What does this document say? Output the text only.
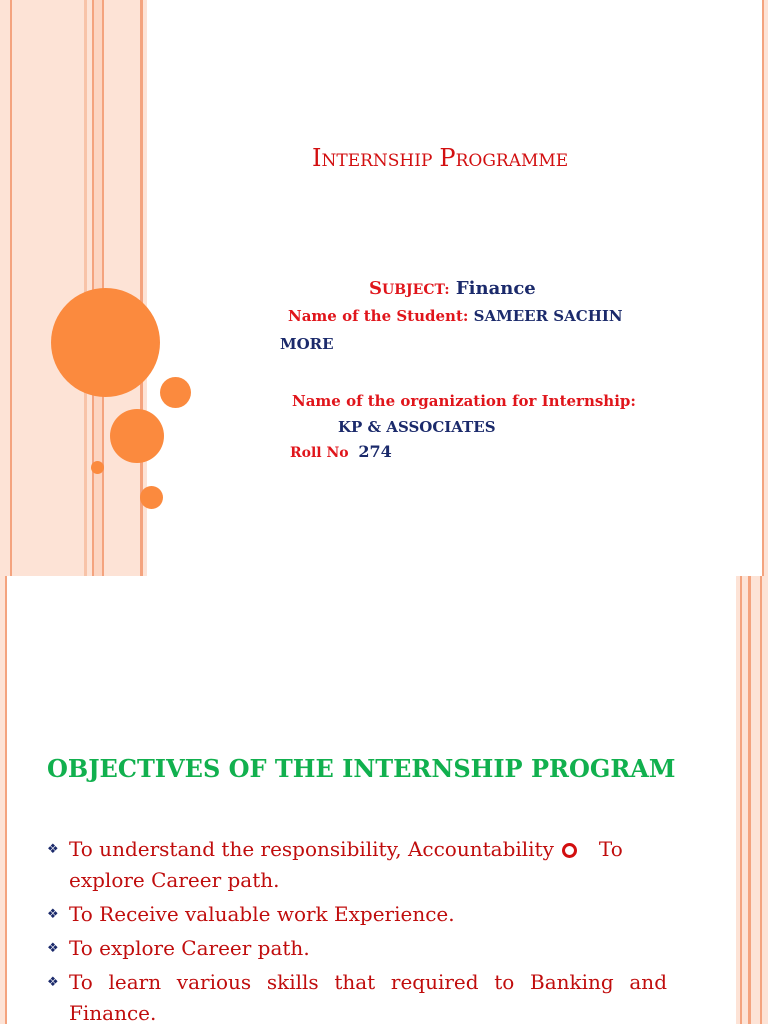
INTERNSHIP PROGRAMME
SUBJECT: Finance
Name of the Student: SAMEER SACHIN
MORE
Name of the organization for Internship:
KP & ASSOCIATES
Roll No 274
OBJECTIVES OF THE INTERNSHIP PROGRAM
❖ To understand the responsibility, Accountability To explore Career path.
❖ To Receive valuable work Experience.
❖ To explore Career path.
❖ To learn various skills that required to Banking and Finance.
